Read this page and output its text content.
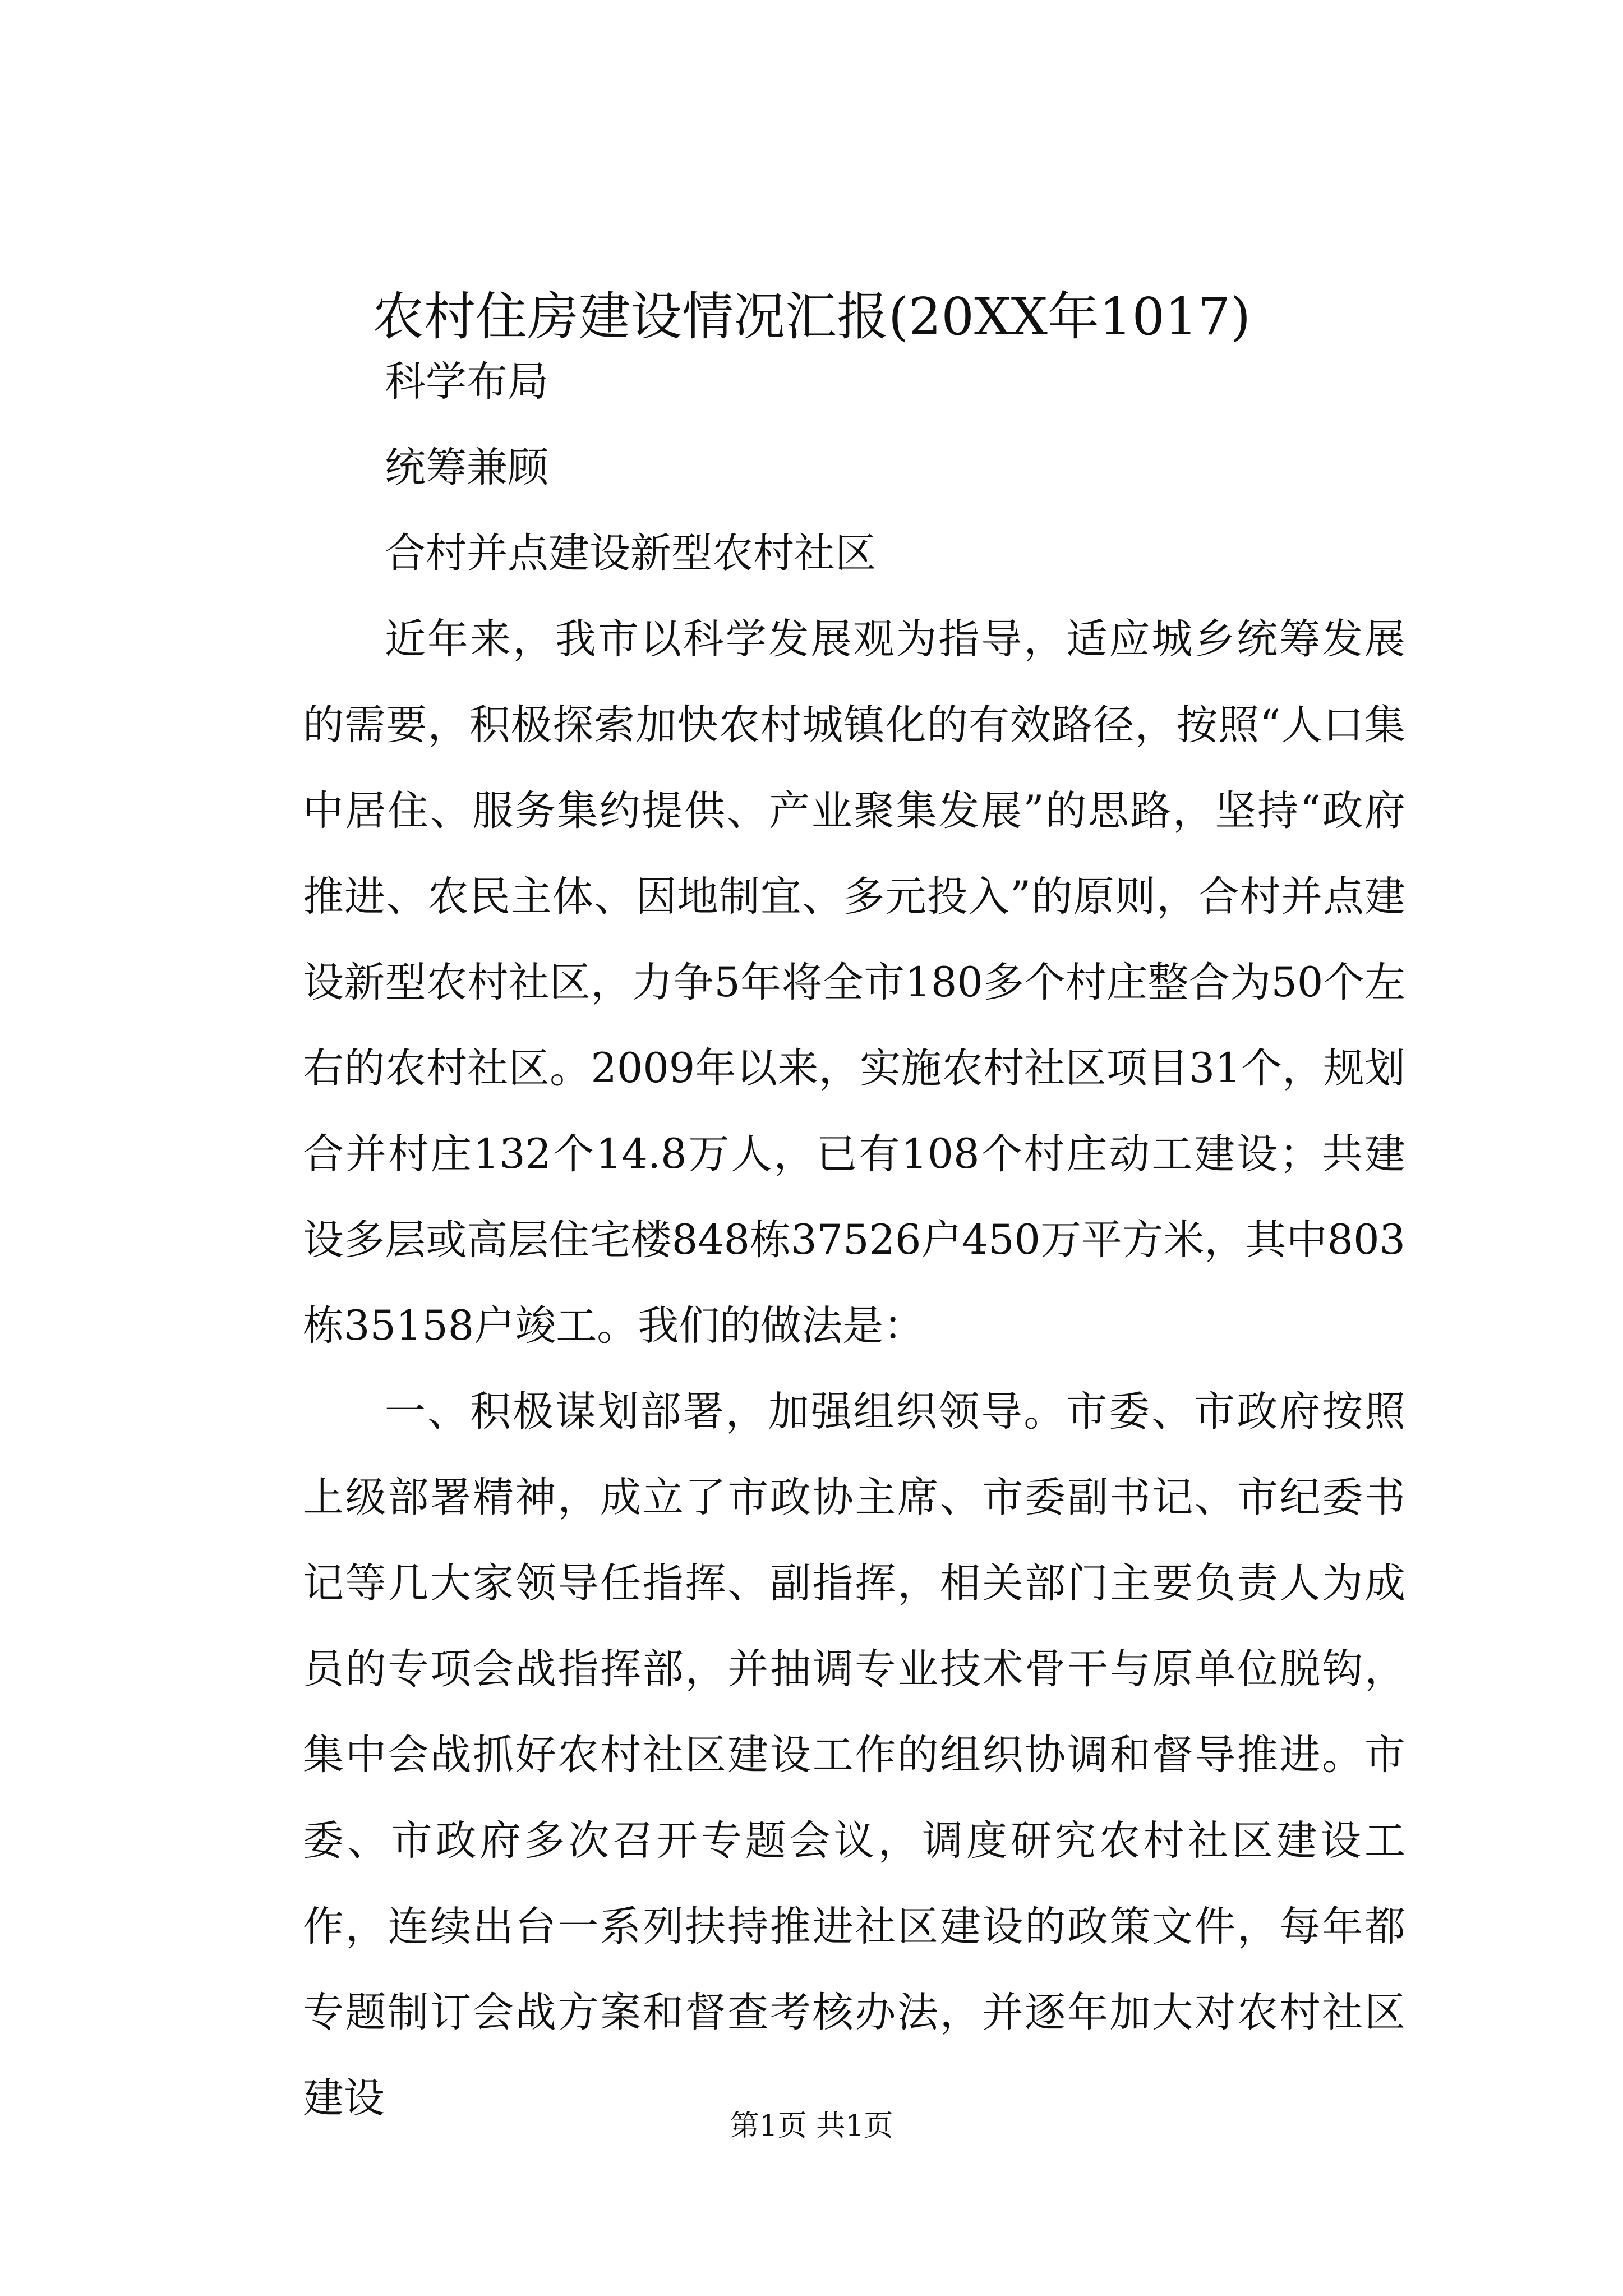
农村住房建设情况汇报(20XX年1017)

科学布局

统筹兼顾

合村并点建设新型农村社区

近年来，我市以科学发展观为指导，适应城乡统筹发展的需要，积极探索加快农村城镇化的有效路径，按照“人口集中居住、服务集约提供、产业聚集发展”的思路，坚持“政府推进、农民主体、因地制宜、多元投入”的原则，合村并点建设新型农村社区，力争5年将全市180多个村庄整合为50个左右的农村社区。2009年以来，实施农村社区项目31个，规划合并村庄132个14.8万人，已有108个村庄动工建设；共建设多层或高层住宅楼848栋37526户450万平方米，其中803栋35158户竣工。我们的做法是：

一、积极谋划部署，加强组织领导。市委、市政府按照上级部署精神，成立了市政协主席、市委副书记、市纪委书记等几大家领导任指挥、副指挥，相关部门主要负责人为成员的专项会战指挥部，并抽调专业技术骨干与原单位脱钩，集中会战抓好农村社区建设工作的组织协调和督导推进。市委、市政府多次召开专题会议，调度研究农村社区建设工作，连续出台一系列扶持推进社区建设的政策文件，每年都专题制订会战方案和督查考核办法，并逐年加大对农村社区建设

第1页 共1页
